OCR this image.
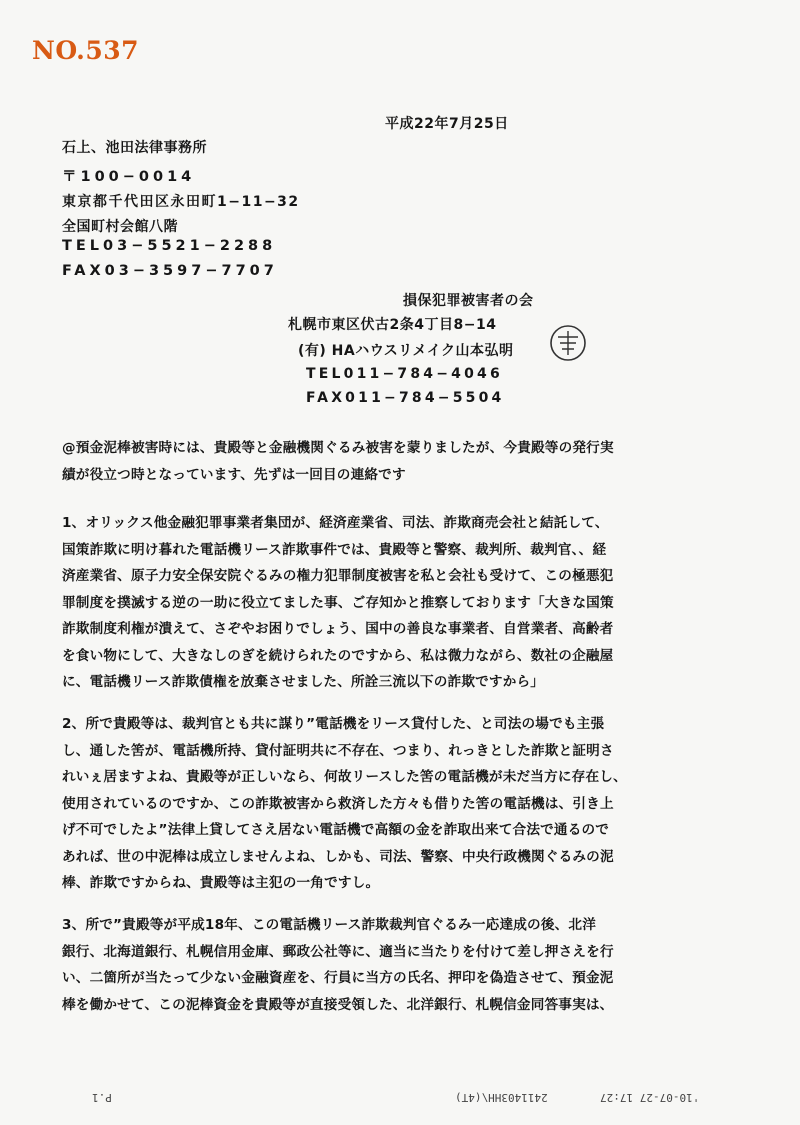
NO.537
平成22年7月25日
石上、池田法律事務所
〒100−0014
東京都千代田区永田町1−11−32
全国町村会館八階
TEL03−5521−2288
FAX03−3597−7707
損保犯罪被害者の会
札幌市東区伏古2条4丁目8−14
(有) HAハウスリメイク山本弘明
TEL011−784−4046
FAX011−784−5504
@預金泥棒被害時には、貴殿等と金融機関ぐるみ被害を蒙りましたが、今貴殿等の発行実
績が役立つ時となっています、先ずは一回目の連絡です
1、オリックス他金融犯罪事業者集団が、経済産業省、司法、詐欺商売会社と結託して、
国策詐欺に明け暮れた電話機リース詐欺事件では、貴殿等と警察、裁判所、裁判官、、経
済産業省、原子力安全保安院ぐるみの権力犯罪制度被害を私と会社も受けて、この極悪犯
罪制度を撲滅する逆の一助に役立てました事、ご存知かと推察しております「大きな国策
詐欺制度利権が潰えて、さぞやお困りでしょう、国中の善良な事業者、自営業者、高齢者
を食い物にして、大きなしのぎを続けられたのですから、私は微力ながら、数社の企融屋
に、電話機リース詐欺債権を放棄させました、所詮三流以下の詐欺ですから」
2、所で貴殿等は、裁判官とも共に謀り”電話機をリース貸付した、と司法の場でも主張
し、通した筈が、電話機所持、貸付証明共に不存在、つまり、れっきとした詐欺と証明さ
れいぇ居ますよね、貴殿等が正しいなら、何故リースした筈の電話機が未だ当方に存在し、
使用されているのですか、この詐欺被害から救済した方々も借りた筈の電話機は、引き上
げ不可でしたよ”法律上貸してさえ居ない電話機で高額の金を詐取出来て合法で通るので
あれば、世の中泥棒は成立しませんよね、しかも、司法、警察、中央行政機関ぐるみの泥
棒、詐欺ですからね、貴殿等は主犯の一角ですし。
3、所で”貴殿等が平成18年、この電話機リース詐欺裁判官ぐるみ一応達成の後、北洋
銀行、北海道銀行、札幌信用金庫、郵政公社等に、適当に当たりを付けて差し押さえを行
い、二箇所が当たって少ない金融資産を、行員に当方の氏名、押印を偽造させて、預金泥
棒を働かせて、この泥棒資金を貴殿等が直接受領した、北洋銀行、札幌信金同答事実は、
P.1	2411403HH\(4T)	'10-07-27 17:27
